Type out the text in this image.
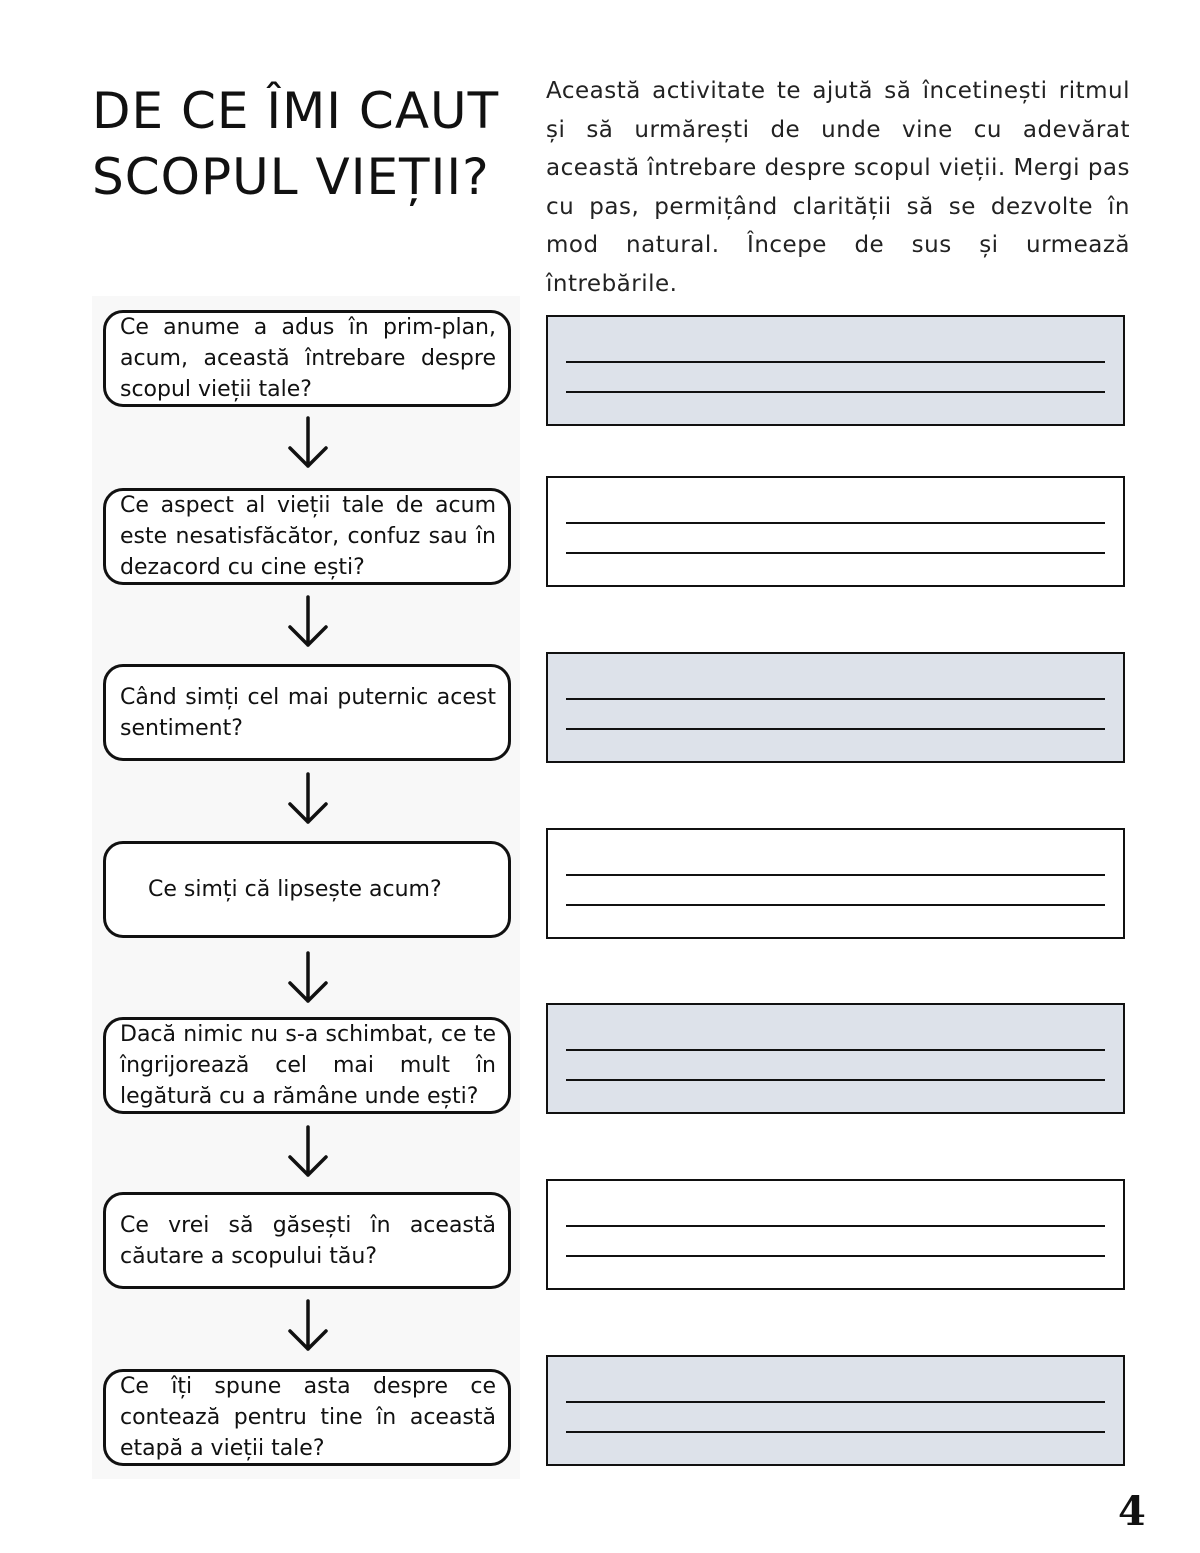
DE CE ÎMI CAUT
SCOPUL VIEȚII?

Această activitate te ajută să încetinești ritmul și să urmărești de unde vine cu adevărat această întrebare despre scopul vieții. Mergi pas cu pas, permițând clarității să se dezvolte în mod natural. Începe de sus și urmează întrebările.

Ce anume a adus în prim-plan, acum, această întrebare despre scopul vieții tale?
Ce aspect al vieții tale de acum este nesatisfăcător, confuz sau în dezacord cu cine ești?
Când simți cel mai puternic acest sentiment?
Ce simți că lipsește acum?
Dacă nimic nu s-a schimbat, ce te îngrijorează cel mai mult în legătură cu a rămâne unde ești?
Ce vrei să găsești în această căutare a scopului tău?
Ce îți spune asta despre ce contează pentru tine în această etapă a vieții tale?
4
